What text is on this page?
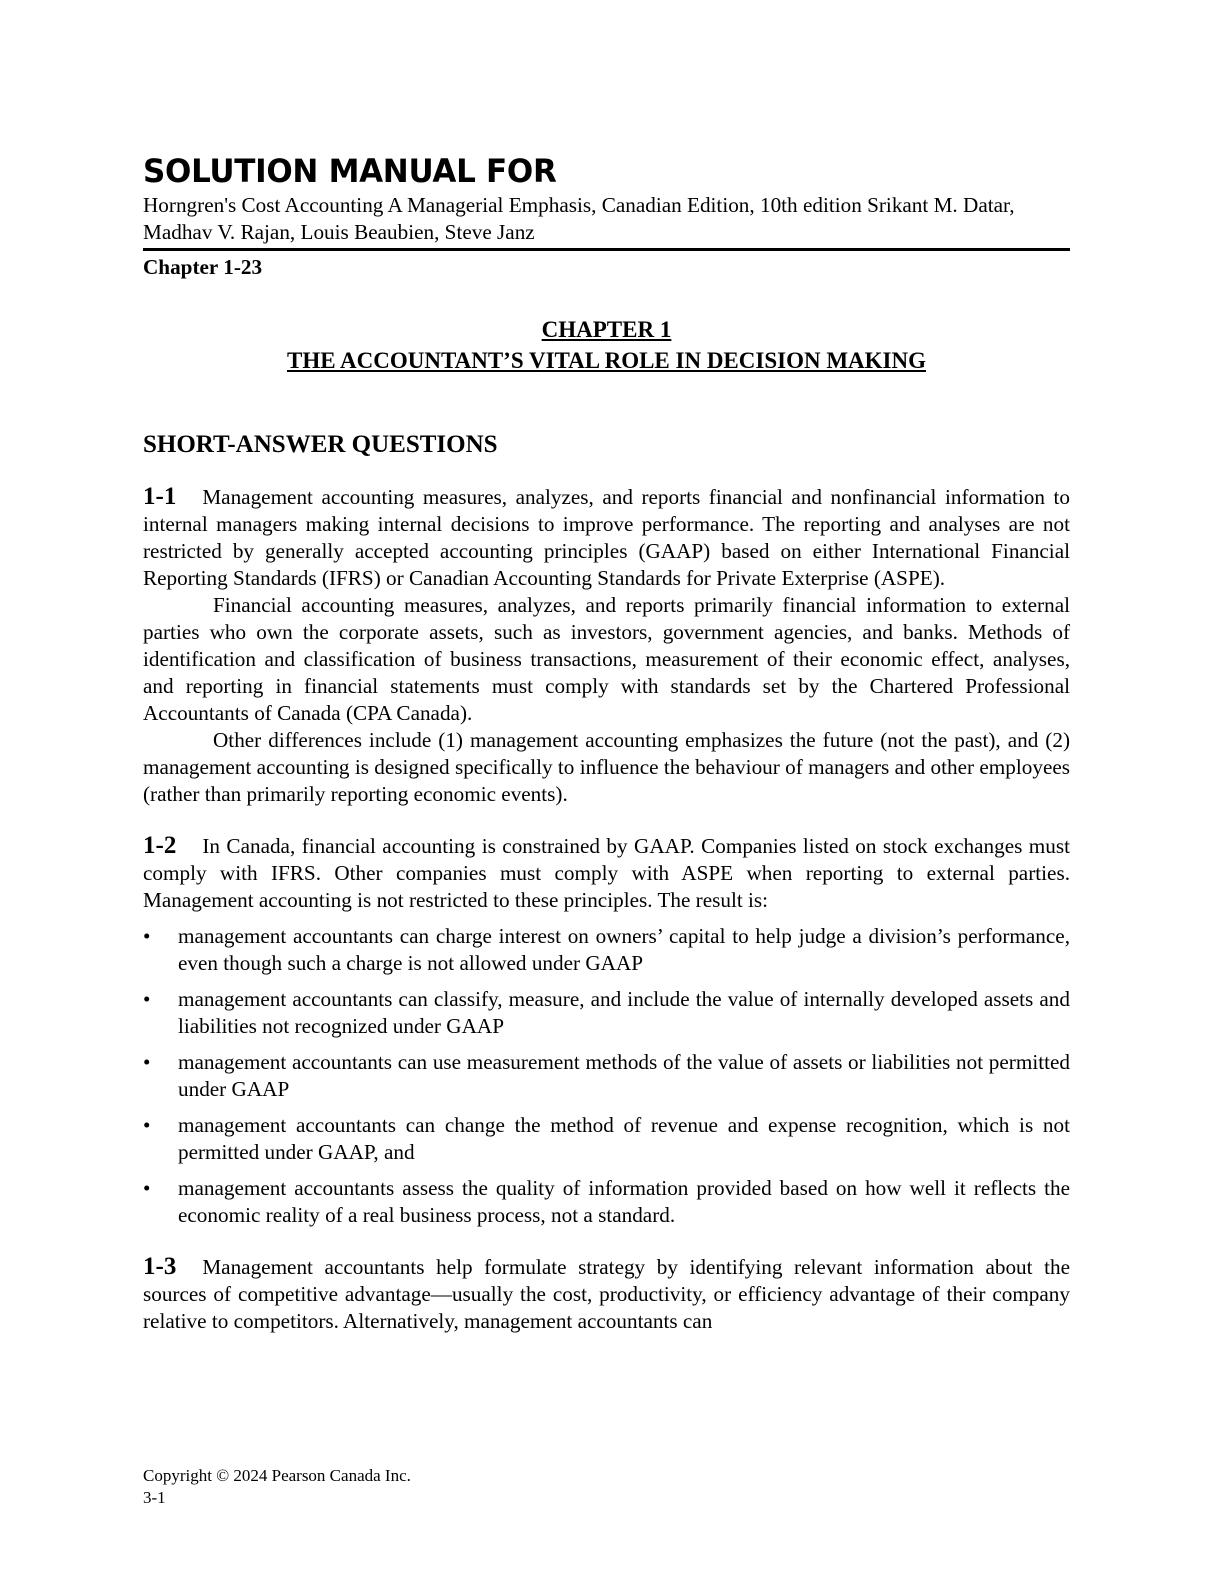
SOLUTION MANUAL FOR

Horngren's Cost Accounting A Managerial Emphasis, Canadian Edition, 10th edition Srikant M. Datar, Madhav V. Rajan, Louis Beaubien, Steve Janz

Chapter 1-23

CHAPTER 1

THE ACCOUNTANT’S VITAL ROLE IN DECISION MAKING

SHORT-ANSWER QUESTIONS

1-1 Management accounting measures, analyzes, and reports financial and nonfinancial information to internal managers making internal decisions to improve performance. The reporting and analyses are not restricted by generally accepted accounting principles (GAAP) based on either International Financial Reporting Standards (IFRS) or Canadian Accounting Standards for Private Exterprise (ASPE).

Financial accounting measures, analyzes, and reports primarily financial information to external parties who own the corporate assets, such as investors, government agencies, and banks. Methods of identification and classification of business transactions, measurement of their economic effect, analyses, and reporting in financial statements must comply with standards set by the Chartered Professional Accountants of Canada (CPA Canada).

Other differences include (1) management accounting emphasizes the future (not the past), and (2) management accounting is designed specifically to influence the behaviour of managers and other employees (rather than primarily reporting economic events).

1-2 In Canada, financial accounting is constrained by GAAP. Companies listed on stock exchanges must comply with IFRS. Other companies must comply with ASPE when reporting to external parties. Management accounting is not restricted to these principles. The result is:

• management accountants can charge interest on owners’ capital to help judge a division’s performance, even though such a charge is not allowed under GAAP
• management accountants can classify, measure, and include the value of internally developed assets and liabilities not recognized under GAAP
• management accountants can use measurement methods of the value of assets or liabilities not permitted under GAAP
• management accountants can change the method of revenue and expense recognition, which is not permitted under GAAP, and
• management accountants assess the quality of information provided based on how well it reflects the economic reality of a real business process, not a standard.

1-3 Management accountants help formulate strategy by identifying relevant information about the sources of competitive advantage—usually the cost, productivity, or efficiency advantage of their company relative to competitors. Alternatively, management accountants can

Copyright © 2024 Pearson Canada Inc.
3-1
